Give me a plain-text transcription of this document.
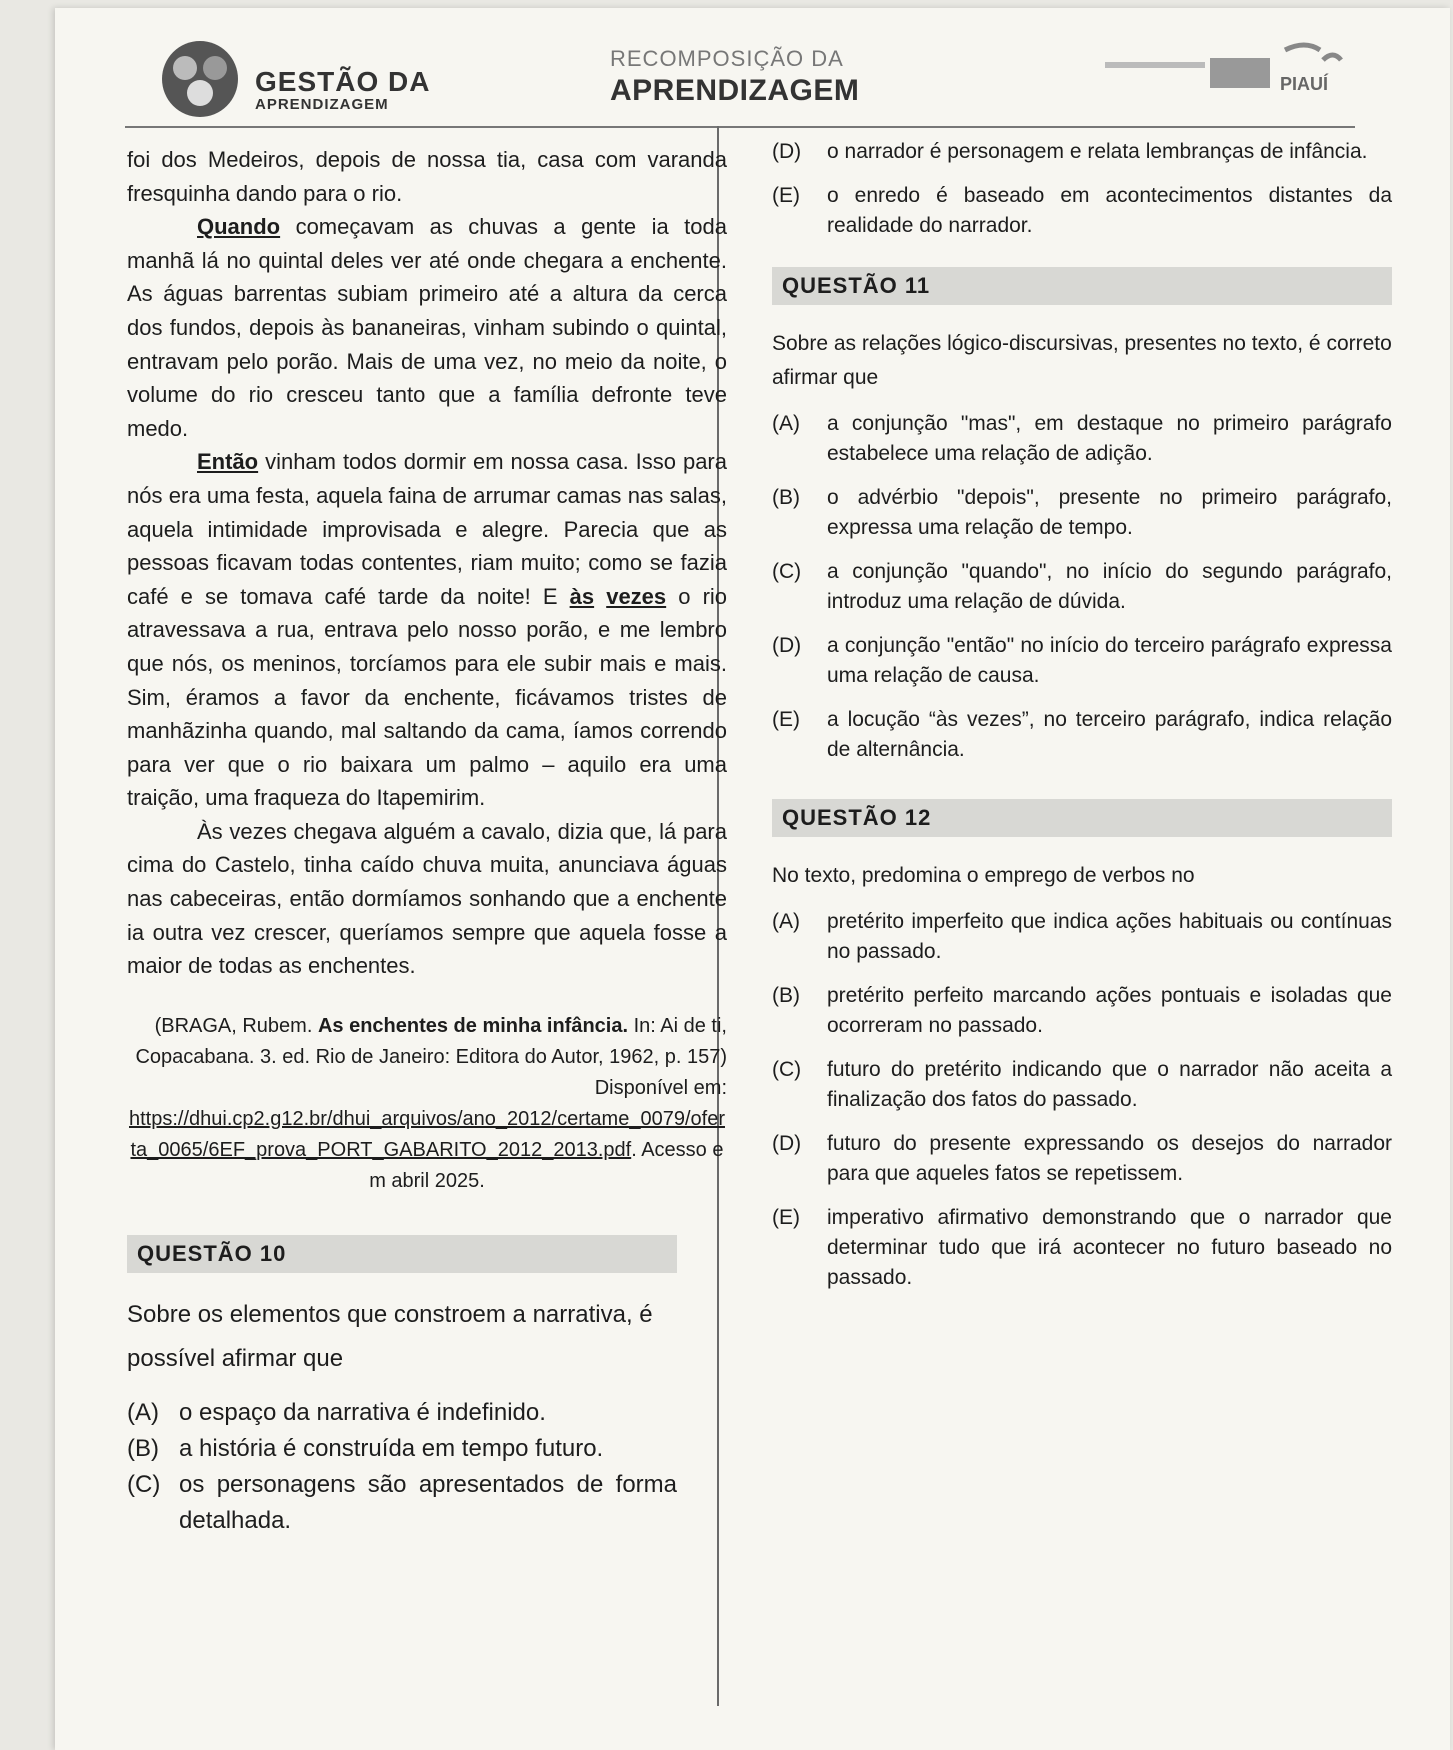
GESTÃO DA
APRENDIZAGEM
RECOMPOSIÇÃO DA
APRENDIZAGEM	PIAUÍ

foi dos Medeiros, depois de nossa tia, casa com varanda fresquinha dando para o rio.

Quando começavam as chuvas a gente ia toda manhã lá no quintal deles ver até onde chegara a enchente. As águas barrentas subiam primeiro até a altura da cerca dos fundos, depois às bananeiras, vinham subindo o quintal, entravam pelo porão. Mais de uma vez, no meio da noite, o volume do rio cresceu tanto que a família defronte teve medo.

Então vinham todos dormir em nossa casa. Isso para nós era uma festa, aquela faina de arrumar camas nas salas, aquela intimidade improvisada e alegre. Parecia que as pessoas ficavam todas contentes, riam muito; como se fazia café e se tomava café tarde da noite! E às vezes o rio atravessava a rua, entrava pelo nosso porão, e me lembro que nós, os meninos, torcíamos para ele subir mais e mais. Sim, éramos a favor da enchente, ficávamos tristes de manhãzinha quando, mal saltando da cama, íamos correndo para ver que o rio baixara um palmo – aquilo era uma traição, uma fraqueza do Itapemirim.

Às vezes chegava alguém a cavalo, dizia que, lá para cima do Castelo, tinha caído chuva muita, anunciava águas nas cabeceiras, então dormíamos sonhando que a enchente ia outra vez crescer, queríamos sempre que aquela fosse a maior de todas as enchentes.

(BRAGA, Rubem. As enchentes de minha infância. In: Ai de ti, Copacabana. 3. ed. Rio de Janeiro: Editora do Autor, 1962, p. 157) Disponível em:
https://dhui.cp2.g12.br/dhui_arquivos/ano_2012/certame_0079/oferta_0065/6EF_prova_PORT_GABARITO_2012_2013.pdf. Acesso em abril 2025.
QUESTÃO 10

Sobre os elementos que constroem a narrativa, é possível afirmar que

(A) o espaço da narrativa é indefinido.
(B) a história é construída em tempo futuro.
(C) os personagens são apresentados de forma detalhada.
(D)	o narrador é personagem e relata lembranças de infância.
(E)	o enredo é baseado em acontecimentos distantes da realidade do narrador.
QUESTÃO 11

Sobre as relações lógico-discursivas, presentes no texto, é correto afirmar que

(A)	a conjunção "mas", em destaque no primeiro parágrafo estabelece uma relação de adição.
(B)	o advérbio "depois", presente no primeiro parágrafo, expressa uma relação de tempo.
(C)	a conjunção "quando", no início do segundo parágrafo, introduz uma relação de dúvida.
(D)	a conjunção "então" no início do terceiro parágrafo expressa uma relação de causa.
(E)	a locução “às vezes”, no terceiro parágrafo, indica relação de alternância.
QUESTÃO 12

No texto, predomina o emprego de verbos no

(A)	pretérito imperfeito que indica ações habituais ou contínuas no passado.
(B)	pretérito perfeito marcando ações pontuais e isoladas que ocorreram no passado.
(C)	futuro do pretérito indicando que o narrador não aceita a finalização dos fatos do passado.
(D)	futuro do presente expressando os desejos do narrador para que aqueles fatos se repetissem.
(E)	imperativo afirmativo demonstrando que o narrador que determinar tudo que irá acontecer no futuro baseado no passado.
